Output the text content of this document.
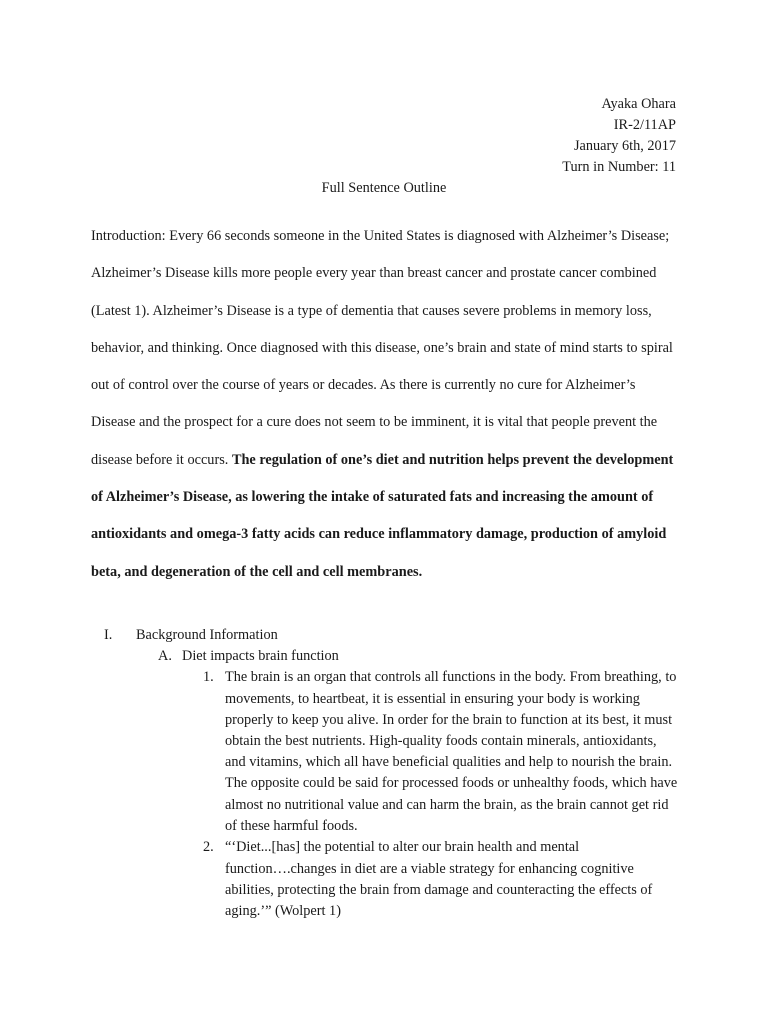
Ayaka Ohara
IR-2/11AP
January 6th, 2017
Turn in Number: 11
Full Sentence Outline
Introduction: Every 66 seconds someone in the United States is diagnosed with Alzheimer’s Disease; Alzheimer’s Disease kills more people every year than breast cancer and prostate cancer combined (Latest 1). Alzheimer’s Disease is a type of dementia that causes severe problems in memory loss, behavior, and thinking. Once diagnosed with this disease, one’s brain and state of mind starts to spiral out of control over the course of years or decades. As there is currently no cure for Alzheimer’s Disease and the prospect for a cure does not seem to be imminent, it is vital that people prevent the disease before it occurs. The regulation of one’s diet and nutrition helps prevent the development of Alzheimer’s Disease, as lowering the intake of saturated fats and increasing the amount of antioxidants and omega-3 fatty acids can reduce inflammatory damage, production of amyloid beta, and degeneration of the cell and cell membranes.
I. Background Information
A. Diet impacts brain function
1. The brain is an organ that controls all functions in the body. From breathing, to movements, to heartbeat, it is essential in ensuring your body is working properly to keep you alive. In order for the brain to function at its best, it must obtain the best nutrients. High-quality foods contain minerals, antioxidants, and vitamins, which all have beneficial qualities and help to nourish the brain. The opposite could be said for processed foods or unhealthy foods, which have almost no nutritional value and can harm the brain, as the brain cannot get rid of these harmful foods.
2. “‘Diet...[has] the potential to alter our brain health and mental function….changes in diet are a viable strategy for enhancing cognitive abilities, protecting the brain from damage and counteracting the effects of aging.’” (Wolpert 1)
